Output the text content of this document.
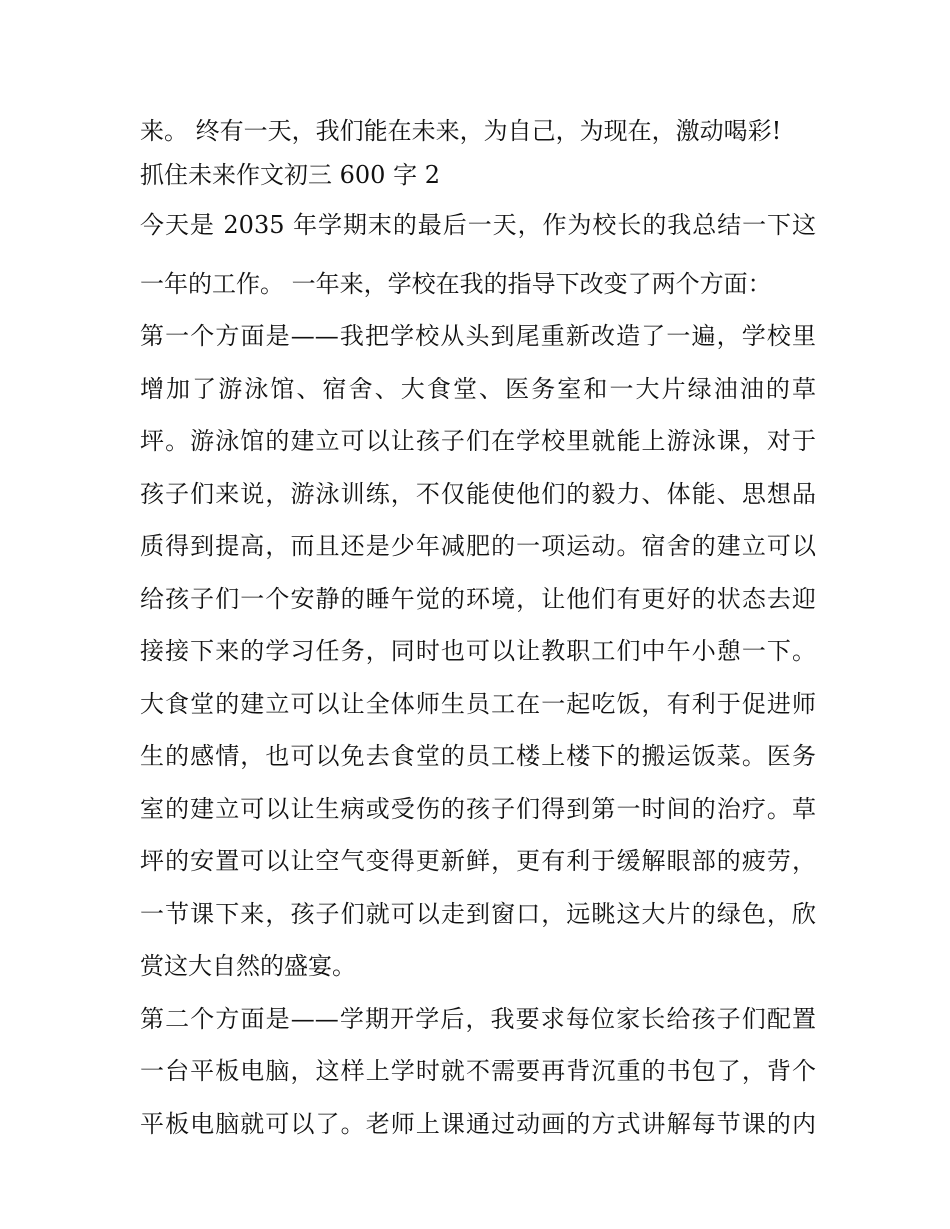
来。 终有一天，我们能在未来，为自己，为现在，激动喝彩!
抓住未来作文初三 600 字 2
今天是 2035 年学期末的最后一天，作为校长的我总结一下这
一年的工作。 一年来，学校在我的指导下改变了两个方面：
第一个方面是——我把学校从头到尾重新改造了一遍，学校里
增加了游泳馆、宿舍、大食堂、医务室和一大片绿油油的草
坪。游泳馆的建立可以让孩子们在学校里就能上游泳课，对于
孩子们来说，游泳训练，不仅能使他们的毅力、体能、思想品
质得到提高，而且还是少年减肥的一项运动。宿舍的建立可以
给孩子们一个安静的睡午觉的环境，让他们有更好的状态去迎
接接下来的学习任务，同时也可以让教职工们中午小憩一下。
大食堂的建立可以让全体师生员工在一起吃饭，有利于促进师
生的感情，也可以免去食堂的员工楼上楼下的搬运饭菜。医务
室的建立可以让生病或受伤的孩子们得到第一时间的治疗。草
坪的安置可以让空气变得更新鲜，更有利于缓解眼部的疲劳，
一节课下来，孩子们就可以走到窗口，远眺这大片的绿色，欣
赏这大自然的盛宴。
第二个方面是——学期开学后，我要求每位家长给孩子们配置
一台平板电脑，这样上学时就不需要再背沉重的书包了，背个
平板电脑就可以了。老师上课通过动画的方式讲解每节课的内
